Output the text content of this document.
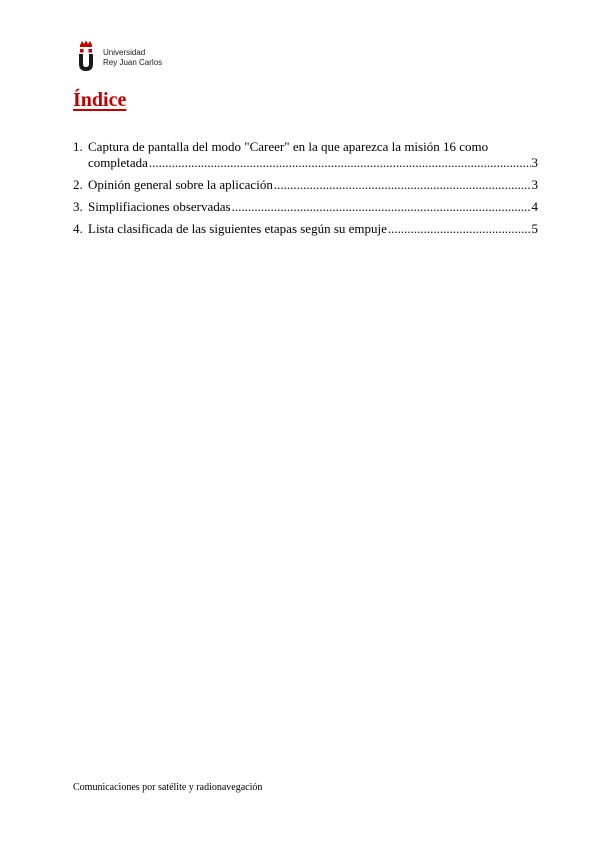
Universidad
Rey Juan Carlos
Índice
1. Captura de pantalla del modo "Career" en la que aparezca la misión 16 como
completada .....	3
2. Opinión general sobre la aplicación .....	3
3. Simplifiaciones observadas .....	4
4. Lista clasificada de las siguientes etapas según su empuje .....	5
Comunicaciones por satélite y radionavegación
